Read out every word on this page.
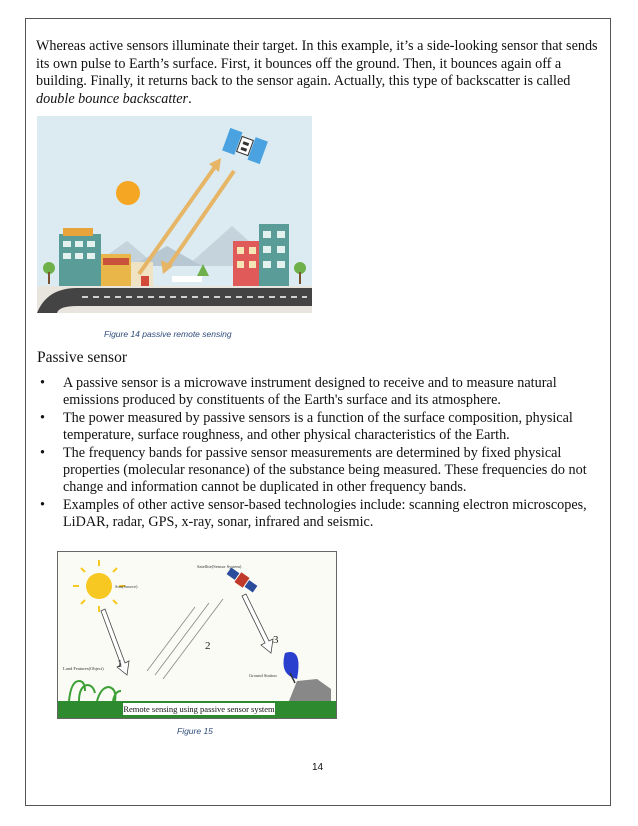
Whereas active sensors illuminate their target. In this example, it’s a side-looking sensor that sends its own pulse to Earth’s surface. First, it bounces off the ground. Then, it bounces again off a building. Finally, it returns back to the sensor again. Actually, this type of backscatter is called double bounce backscatter.

Figure 14 passive remote sensing
Passive sensor
• A passive sensor is a microwave instrument designed to receive and to measure natural emissions produced by constituents of the Earth's surface and its atmosphere.
• The power measured by passive sensors is a function of the surface composition, physical temperature, surface roughness, and other physical characteristics of the Earth.
• The frequency bands for passive sensor measurements are determined by fixed physical properties (molecular resonance) of the substance being measured. These frequencies do not change and information cannot be duplicated in other frequency bands.
• Examples of other active sensor-based technologies include: scanning electron microscopes, LiDAR, radar, GPS, x-ray, sonar, infrared and seismic.
Sun(Source)
Satellite(Sensor System)
1
2	3
Ground Station
Land Features(Object)
Remote sensing using passive sensor system
Figure 15
14
